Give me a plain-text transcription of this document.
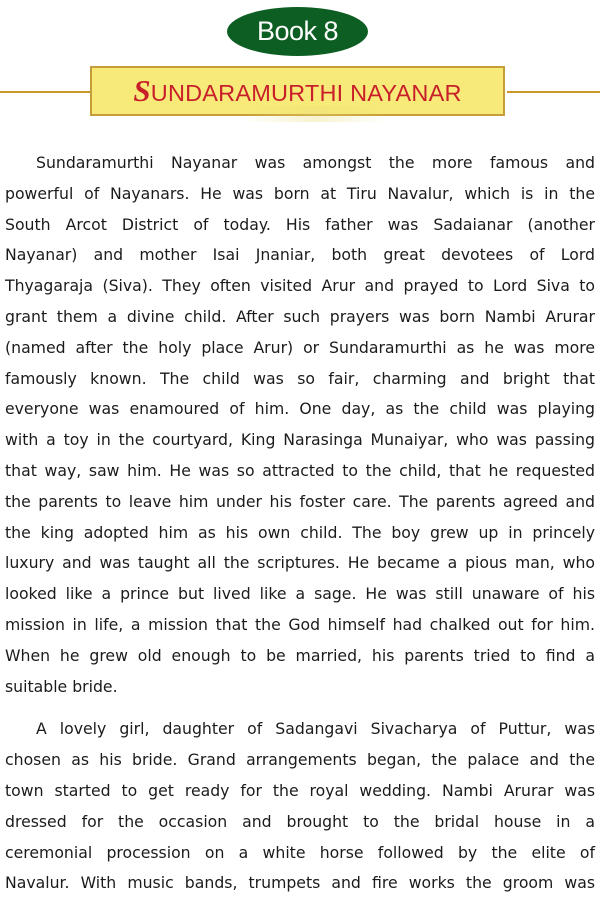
Book 8
SUNDARAMURTHI NAYANAR

Sundaramurthi Nayanar was amongst the more famous and

powerful of Nayanars. He was born at Tiru Navalur, which is in the

South Arcot District of today. His father was Sadaianar (another

Nayanar) and mother Isai Jnaniar, both great devotees of Lord

Thyagaraja (Siva). They often visited Arur and prayed to Lord Siva to

grant them a divine child. After such prayers was born Nambi Arurar

(named after the holy place Arur) or Sundaramurthi as he was more

famously known. The child was so fair, charming and bright that

everyone was enamoured of him. One day, as the child was playing

with a toy in the courtyard, King Narasinga Munaiyar, who was passing

that way, saw him. He was so attracted to the child, that he requested

the parents to leave him under his foster care. The parents agreed and

the king adopted him as his own child. The boy grew up in princely

luxury and was taught all the scriptures. He became a pious man, who

looked like a prince but lived like a sage. He was still unaware of his

mission in life, a mission that the God himself had chalked out for him.

When he grew old enough to be married, his parents tried to find a

suitable bride.

A lovely girl, daughter of Sadangavi Sivacharya of Puttur, was

chosen as his bride. Grand arrangements began, the palace and the

town started to get ready for the royal wedding. Nambi Arurar was

dressed for the occasion and brought to the bridal house in a

ceremonial procession on a white horse followed by the elite of

Navalur. With music bands, trumpets and fire works the groom was
